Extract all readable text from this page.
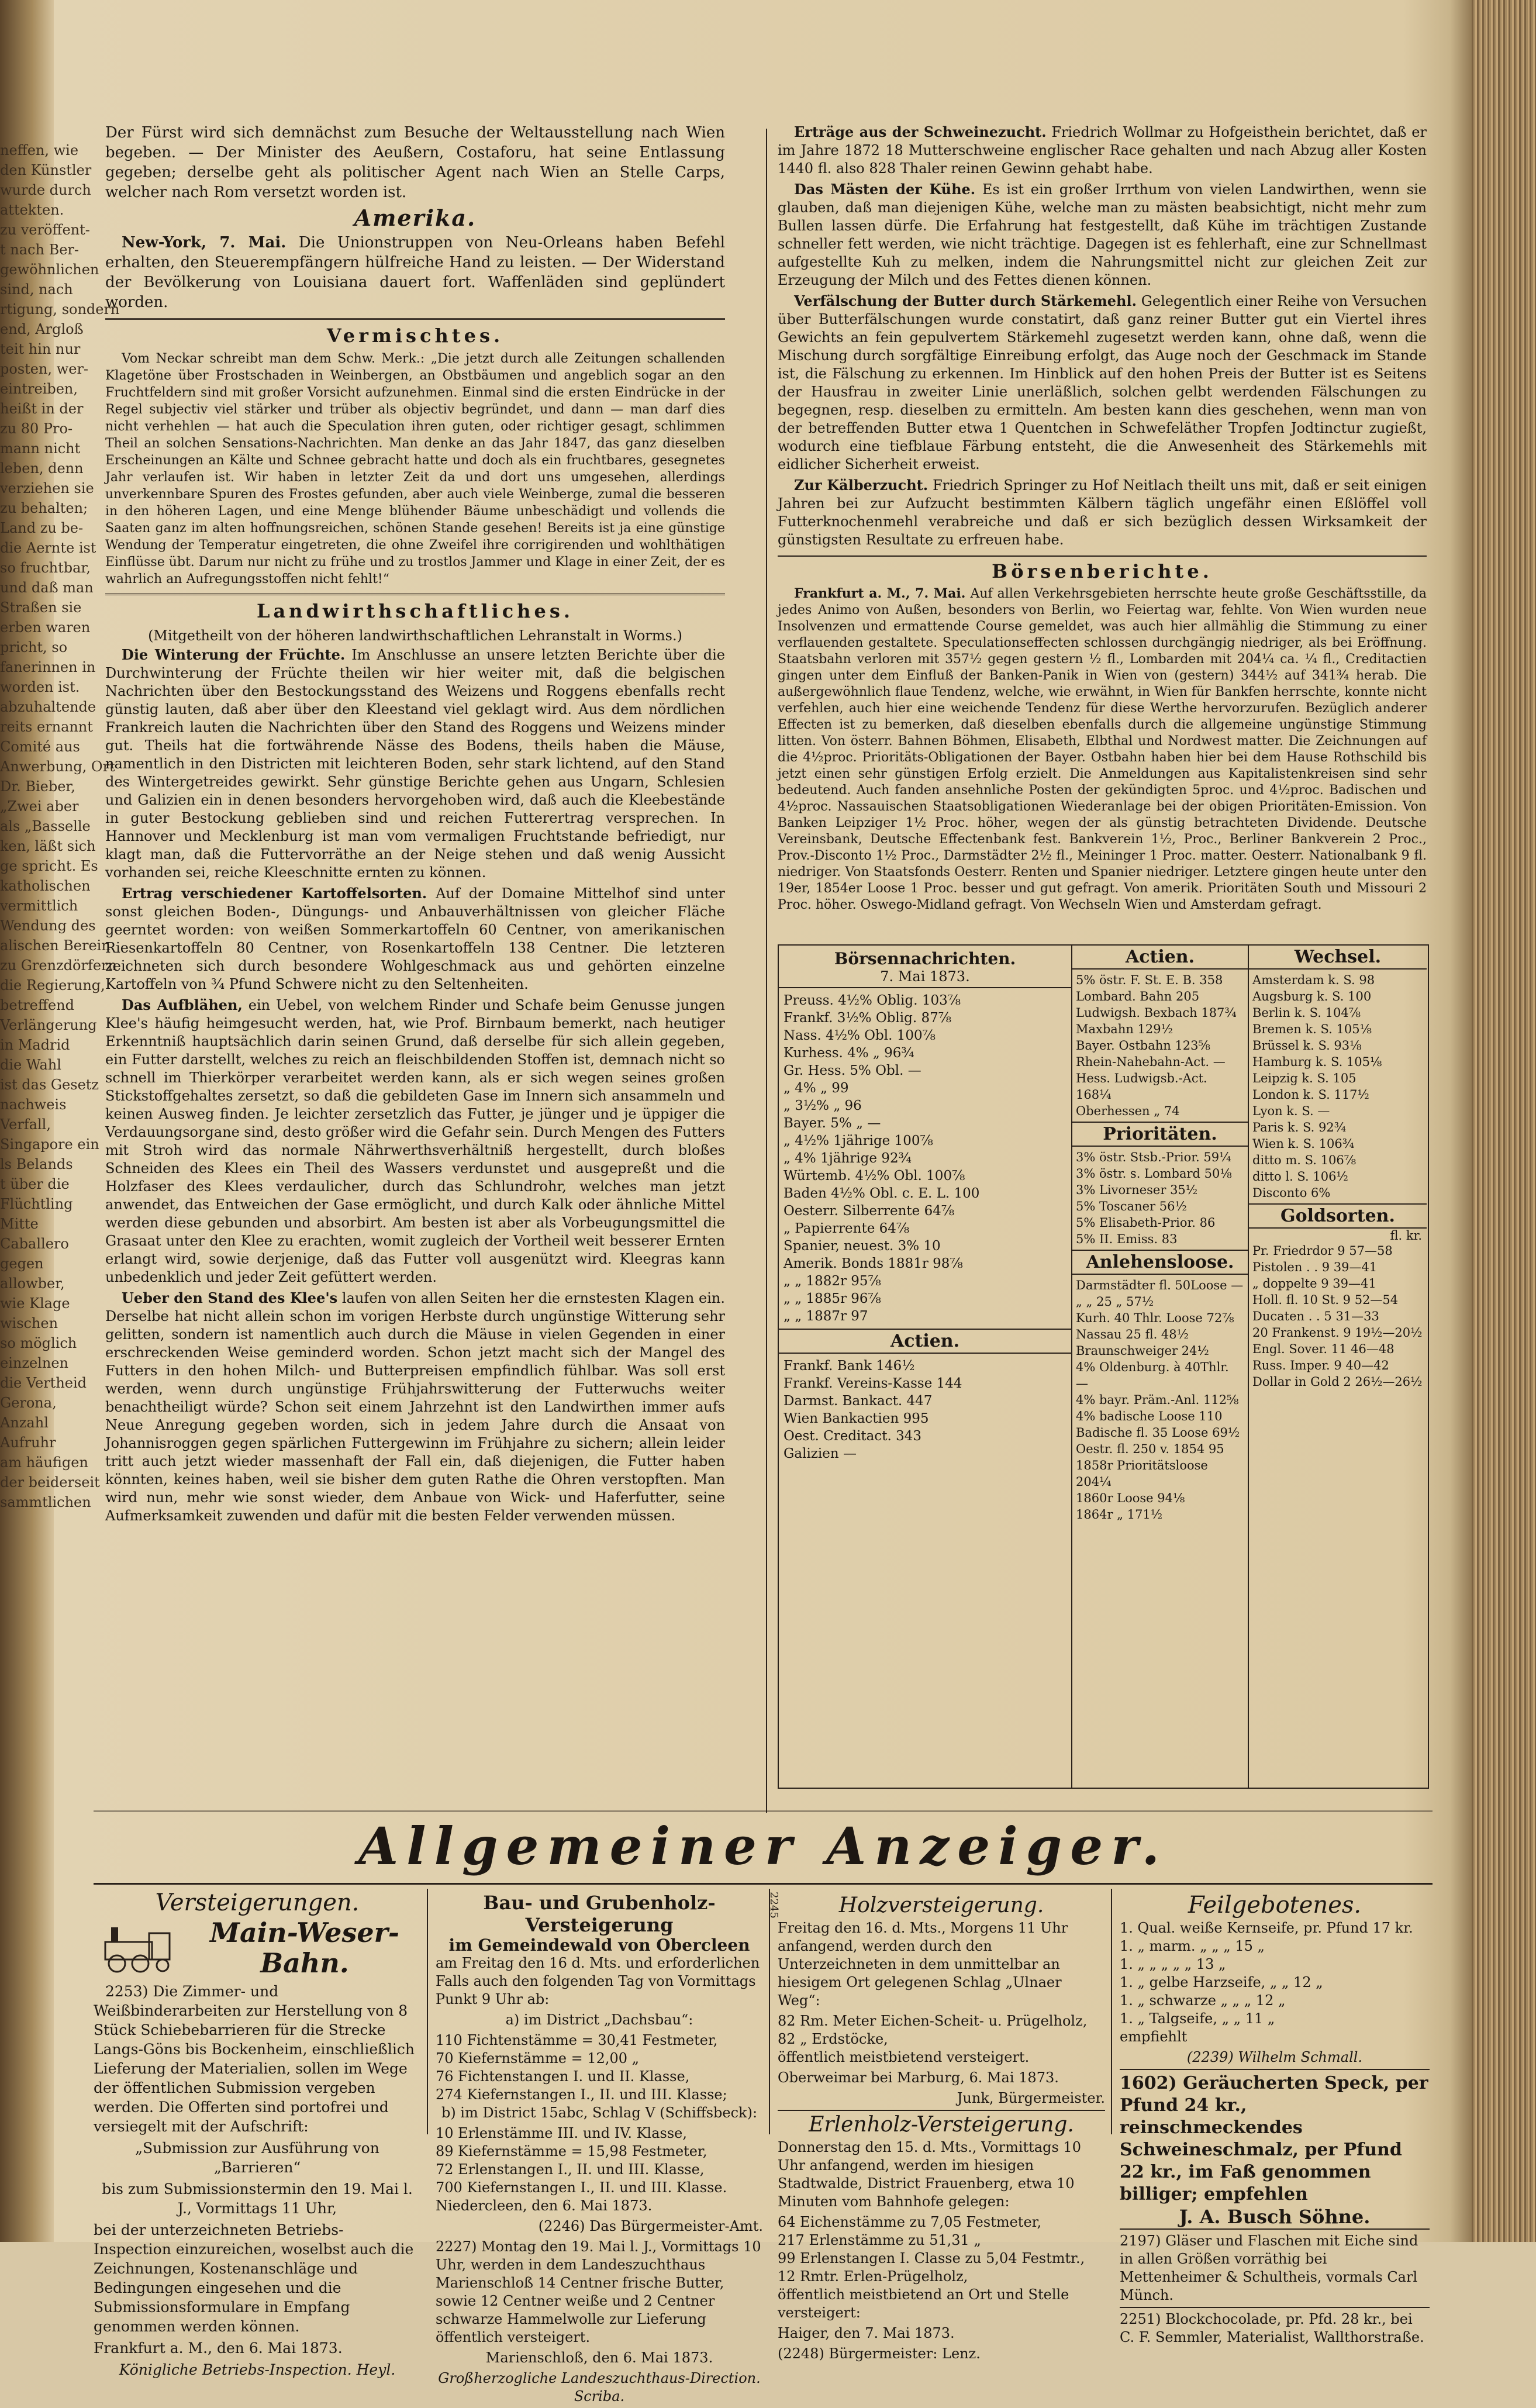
neffen, wie
den Künstler
wurde durch
attekten.
zu veröffent-
t nach Ber-
gewöhnlichen
sind, nach
rtigung, sondern
end, Argloß
teit hin nur
posten, wer-
eintreiben,
heißt in der
zu 80 Pro-
mann nicht
leben, denn
verziehen sie
zu behalten;
Land zu be-
die Aernte ist
so fruchtbar,
und daß man
Straßen sie
erben waren
pricht, so
fanerinnen in
worden ist.
abzuhaltende
reits ernannt
Comité aus
Anwerbung, Ort
Dr. Bieber,
„Zwei aber
als „Basselle
ken, läßt sich
ge spricht. Es
katholischen
vermittlich
Wendung des
alischen Berein
zu Grenzdörfern
die Regierung,
betreffend
Verlängerung
in Madrid
die Wahl
ist das Gesetz
nachweis
Verfall,
Singapore ein
ls Belands
t über die
Flüchtling
Mitte
Caballero
gegen
allowber,
wie Klage
wischen
so möglich
einzelnen
die Vertheid
Gerona,
Anzahl
Aufruhr
am häufigen
der beiderseit
sammtlichen

Der Fürst wird sich demnächst zum Besuche der Weltausstellung nach Wien begeben. — Der Minister des Aeußern, Costaforu, hat seine Entlassung gegeben; derselbe geht als politischer Agent nach Wien an Stelle Carps, welcher nach Rom versetzt worden ist.

Amerika.

New-York, 7. Mai. Die Unionstruppen von Neu-Orleans haben Befehl erhalten, den Steuerempfängern hülfreiche Hand zu leisten. — Der Widerstand der Bevölkerung von Louisiana dauert fort. Waffenläden sind geplündert worden.

Vermischtes.

Vom Neckar schreibt man dem Schw. Merk.: „Die jetzt durch alle Zeitungen schallenden Klagetöne über Frostschaden in Weinbergen, an Obstbäumen und angeblich sogar an den Fruchtfeldern sind mit großer Vorsicht aufzunehmen. Einmal sind die ersten Eindrücke in der Regel subjectiv viel stärker und trüber als objectiv begründet, und dann — man darf dies nicht verhehlen — hat auch die Speculation ihren guten, oder richtiger gesagt, schlimmen Theil an solchen Sensations-Nachrichten. Man denke an das Jahr 1847, das ganz dieselben Erscheinungen an Kälte und Schnee gebracht hatte und doch als ein fruchtbares, gesegnetes Jahr verlaufen ist. Wir haben in letzter Zeit da und dort uns umgesehen, allerdings unverkennbare Spuren des Frostes gefunden, aber auch viele Weinberge, zumal die besseren in den höheren Lagen, und eine Menge blühender Bäume unbeschädigt und vollends die Saaten ganz im alten hoffnungsreichen, schönen Stande gesehen! Bereits ist ja eine günstige Wendung der Temperatur eingetreten, die ohne Zweifel ihre corrigirenden und wohlthätigen Einflüsse übt. Darum nur nicht zu frühe und zu trostlos Jammer und Klage in einer Zeit, der es wahrlich an Aufregungsstoffen nicht fehlt!“

Landwirthschaftliches.
(Mitgetheilt von der höheren landwirthschaftlichen Lehranstalt in Worms.)

Die Winterung der Früchte. Im Anschlusse an unsere letzten Berichte über die Durchwinterung der Früchte theilen wir hier weiter mit, daß die belgischen Nachrichten über den Bestockungsstand des Weizens und Roggens ebenfalls recht günstig lauten, daß aber über den Kleestand viel geklagt wird. Aus dem nördlichen Frankreich lauten die Nachrichten über den Stand des Roggens und Weizens minder gut. Theils hat die fortwährende Nässe des Bodens, theils haben die Mäuse, namentlich in den Districten mit leichteren Boden, sehr stark lichtend, auf den Stand des Wintergetreides gewirkt. Sehr günstige Berichte gehen aus Ungarn, Schlesien und Galizien ein in denen besonders hervorgehoben wird, daß auch die Kleebestände in guter Bestockung geblieben sind und reichen Futterertrag versprechen. In Hannover und Mecklenburg ist man vom vermaligen Fruchtstande befriedigt, nur klagt man, daß die Futtervorräthe an der Neige stehen und daß wenig Aussicht vorhanden sei, reiche Kleeschnitte ernten zu können.

Ertrag verschiedener Kartoffelsorten. Auf der Domaine Mittelhof sind unter sonst gleichen Boden-, Düngungs- und Anbauverhältnissen von gleicher Fläche geerntet worden: von weißen Sommerkartoffeln 60 Centner, von amerikanischen Riesenkartoffeln 80 Centner, von Rosenkartoffeln 138 Centner. Die letzteren zeichneten sich durch besondere Wohlgeschmack aus und gehörten einzelne Kartoffeln von ¾ Pfund Schwere nicht zu den Seltenheiten.

Das Aufblähen, ein Uebel, von welchem Rinder und Schafe beim Genusse jungen Klee's häufig heimgesucht werden, hat, wie Prof. Birnbaum bemerkt, nach heutiger Erkenntniß hauptsächlich darin seinen Grund, daß derselbe für sich allein gegeben, ein Futter darstellt, welches zu reich an fleischbildenden Stoffen ist, demnach nicht so schnell im Thierkörper verarbeitet werden kann, als er sich wegen seines großen Stickstoffgehaltes zersetzt, so daß die gebildeten Gase im Innern sich ansammeln und keinen Ausweg finden. Je leichter zersetzlich das Futter, je jünger und je üppiger die Verdauungsorgane sind, desto größer wird die Gefahr sein. Durch Mengen des Futters mit Stroh wird das normale Nährwerthsverhältniß hergestellt, durch bloßes Schneiden des Klees ein Theil des Wassers verdunstet und ausgepreßt und die Holzfaser des Klees verdaulicher, durch das Schlundrohr, welches man jetzt anwendet, das Entweichen der Gase ermöglicht, und durch Kalk oder ähnliche Mittel werden diese gebunden und absorbirt. Am besten ist aber als Vorbeugungsmittel die Grasaat unter den Klee zu erachten, womit zugleich der Vortheil weit besserer Ernten erlangt wird, sowie derjenige, daß das Futter voll ausgenützt wird. Kleegras kann unbedenklich und jeder Zeit gefüttert werden.

Ueber den Stand des Klee's laufen von allen Seiten her die ernstesten Klagen ein. Derselbe hat nicht allein schon im vorigen Herbste durch ungünstige Witterung sehr gelitten, sondern ist namentlich auch durch die Mäuse in vielen Gegenden in einer erschreckenden Weise geminderd worden. Schon jetzt macht sich der Mangel des Futters in den hohen Milch- und Butterpreisen empfindlich fühlbar. Was soll erst werden, wenn durch ungünstige Frühjahrswitterung der Futterwuchs weiter benachtheiligt würde? Schon seit einem Jahrzehnt ist den Landwirthen immer aufs Neue Anregung gegeben worden, sich in jedem Jahre durch die Ansaat von Johannisroggen gegen spärlichen Futtergewinn im Frühjahre zu sichern; allein leider tritt auch jetzt wieder massenhaft der Fall ein, daß diejenigen, die Futter haben könnten, keines haben, weil sie bisher dem guten Rathe die Ohren verstopften. Man wird nun, mehr wie sonst wieder, dem Anbaue von Wick- und Haferfutter, seine Aufmerksamkeit zuwenden und dafür mit die besten Felder verwenden müssen.

Erträge aus der Schweinezucht. Friedrich Wollmar zu Hofgeisthein berichtet, daß er im Jahre 1872 18 Mutterschweine englischer Race gehalten und nach Abzug aller Kosten 1440 fl. also 828 Thaler reinen Gewinn gehabt habe.

Das Mästen der Kühe. Es ist ein großer Irrthum von vielen Landwirthen, wenn sie glauben, daß man diejenigen Kühe, welche man zu mästen beabsichtigt, nicht mehr zum Bullen lassen dürfe. Die Erfahrung hat festgestellt, daß Kühe im trächtigen Zustande schneller fett werden, wie nicht trächtige. Dagegen ist es fehlerhaft, eine zur Schnellmast aufgestellte Kuh zu melken, indem die Nahrungsmittel nicht zur gleichen Zeit zur Erzeugung der Milch und des Fettes dienen können.

Verfälschung der Butter durch Stärkemehl. Gelegentlich einer Reihe von Versuchen über Butterfälschungen wurde constatirt, daß ganz reiner Butter gut ein Viertel ihres Gewichts an fein gepulvertem Stärkemehl zugesetzt werden kann, ohne daß, wenn die Mischung durch sorgfältige Einreibung erfolgt, das Auge noch der Geschmack im Stande ist, die Fälschung zu erkennen. Im Hinblick auf den hohen Preis der Butter ist es Seitens der Hausfrau in zweiter Linie unerläßlich, solchen gelbt werdenden Fälschungen zu begegnen, resp. dieselben zu ermitteln. Am besten kann dies geschehen, wenn man von der betreffenden Butter etwa 1 Quentchen in Schwefeläther Tropfen Jodtinctur zugießt, wodurch eine tiefblaue Färbung entsteht, die die Anwesenheit des Stärkemehls mit eidlicher Sicherheit erweist.

Zur Kälberzucht. Friedrich Springer zu Hof Neitlach theilt uns mit, daß er seit einigen Jahren bei zur Aufzucht bestimmten Kälbern täglich ungefähr einen Eßlöffel voll Futterknochenmehl verabreiche und daß er sich bezüglich dessen Wirksamkeit der günstigsten Resultate zu erfreuen habe.

Börsenberichte.

Frankfurt a. M., 7. Mai. Auf allen Verkehrsgebieten herrschte heute große Geschäftsstille, da jedes Animo von Außen, besonders von Berlin, wo Feiertag war, fehlte. Von Wien wurden neue Insolvenzen und ermattende Course gemeldet, was auch hier allmählig die Stimmung zu einer verflauenden gestaltete. Speculationseffecten schlossen durchgängig niedriger, als bei Eröffnung. Staatsbahn verloren mit 357½ gegen gestern ½ fl., Lombarden mit 204¼ ca. ¼ fl., Creditactien gingen unter dem Einfluß der Banken-Panik in Wien von (gestern) 344½ auf 341¾ herab. Die außergewöhnlich flaue Tendenz, welche, wie erwähnt, in Wien für Bankfen herrschte, konnte nicht verfehlen, auch hier eine weichende Tendenz für diese Werthe hervorzurufen. Bezüglich anderer Effecten ist zu bemerken, daß dieselben ebenfalls durch die allgemeine ungünstige Stimmung litten. Von österr. Bahnen Böhmen, Elisabeth, Elbthal und Nordwest matter. Die Zeichnungen auf die 4½proc. Prioritäts-Obligationen der Bayer. Ostbahn haben hier bei dem Hause Rothschild bis jetzt einen sehr günstigen Erfolg erzielt. Die Anmeldungen aus Kapitalistenkreisen sind sehr bedeutend. Auch fanden ansehnliche Posten der gekündigten 5proc. und 4½proc. Badischen und 4½proc. Nassauischen Staatsobligationen Wiederanlage bei der obigen Prioritäten-Emission. Von Banken Leipziger 1½ Proc. höher, wegen der als günstig betrachteten Dividende. Deutsche Vereinsbank, Deutsche Effectenbank fest. Bankverein 1½, Proc., Berliner Bankverein 2 Proc., Prov.-Disconto 1½ Proc., Darmstädter 2½ fl., Meininger 1 Proc. matter. Oesterr. Nationalbank 9 fl. niedriger. Von Staatsfonds Oesterr. Renten und Spanier niedriger. Letztere gingen heute unter den 19er, 1854er Loose 1 Proc. besser und gut gefragt. Von amerik. Prioritäten South und Missouri 2 Proc. höher. Oswego-Midland gefragt. Von Wechseln Wien und Amsterdam gefragt.

Börsennachrichten.
7. Mai 1873.
Preuss. 4½% Oblig. 103⅞
Frankf. 3½% Oblig. 87⅞
Nass. 4½% Obl. 100⅞
Kurhess. 4% „ 96¾
Gr. Hess. 5% Obl. —
„ 4% „ 99
„ 3½% „ 96
Bayer. 5% „ —
„ 4½% 1jährige 100⅞
„ 4% 1jährige 92¾
Würtemb. 4½% Obl. 100⅞
Baden 4½% Obl. c. E. L. 100
Oesterr. Silberrente 64⅞
„ Papierrente 64⅞
Spanier, neuest. 3% 10
Amerik. Bonds 1881r 98⅞
„ „ 1882r 95⅞
„ „ 1885r 96⅞
„ „ 1887r 97
Actien.
Frankf. Bank 146½
Frankf. Vereins-Kasse 144
Darmst. Bankact. 447
Wien Bankactien 995
Oest. Creditact. 343
Galizien —
Actien.
5% östr. F. St. E. B. 358
Lombard. Bahn 205
Ludwigsh. Bexbach 187¾
Maxbahn 129½
Bayer. Ostbahn 123⅝
Rhein-Nahebahn-Act. —
Hess. Ludwigsb.-Act. 168¼
Oberhessen „ 74
Prioritäten.
3% östr. Stsb.-Prior. 59¼
3% östr. s. Lombard 50⅛
3% Livorneser 35½
5% Toscaner 56½
5% Elisabeth-Prior. 86
5% II. Emiss. 83
Anlehensloose.
Darmstädter fl. 50Loose —
„ „ 25 „ 57½
Kurh. 40 Thlr. Loose 72⅞
Nassau 25 fl. 48½
Braunschweiger 24½
4% Oldenburg. à 40Thlr. —
4% bayr. Präm.-Anl. 112⅝
4% badische Loose 110
Badische fl. 35 Loose 69½
Oestr. fl. 250 v. 1854 95
1858r Prioritätsloose 204¼
1860r Loose 94⅛
1864r „ 171½
Wechsel.
Amsterdam k. S. 98
Augsburg k. S. 100
Berlin k. S. 104⅞
Bremen k. S. 105⅛
Brüssel k. S. 93⅛
Hamburg k. S. 105⅛
Leipzig k. S. 105
London k. S. 117½
Lyon k. S. —
Paris k. S. 92¾
Wien k. S. 106¾
ditto m. S. 106⅞
ditto l. S. 106½
Disconto 6%
Goldsorten.
fl. kr.
Pr. Friedrdor 9 57—58
Pistolen . . 9 39—41
„ doppelte 9 39—41
Holl. fl. 10 St. 9 52—54
Ducaten . . 5 31—33
20 Frankenst. 9 19½—20½
Engl. Sover. 11 46—48
Russ. Imper. 9 40—42
Dollar in Gold 2 26½—26½
Allgemeiner Anzeiger.
Versteigerungen.
Main-Weser-Bahn.

2253) Die Zimmer- und Weißbinderarbeiten zur Herstellung von 8 Stück Schiebebarrieren für die Strecke Langs-Göns bis Bockenheim, einschließlich Lieferung der Materialien, sollen im Wege der öffentlichen Submission vergeben werden. Die Offerten sind portofrei und versiegelt mit der Aufschrift:

„Submission zur Ausführung von „Barrieren“

bis zum Submissionstermin den 19. Mai l. J., Vormittags 11 Uhr,

bei der unterzeichneten Betriebs-Inspection einzureichen, woselbst auch die Zeichnungen, Kostenanschläge und Bedingungen eingesehen und die Submissionsformulare in Empfang genommen werden können.

Frankfurt a. M., den 6. Mai 1873.

Königliche Betriebs-Inspection. Heyl.

Bau- und Grubenholz-Versteigerung
im Gemeindewald von Obercleen

am Freitag den 16 d. Mts. und erforderlichen Falls auch den folgenden Tag von Vormittags Punkt 9 Uhr ab:

a) im District „Dachsbau“:

110 Fichtenstämme = 30,41 Festmeter,
70 Kiefernstämme = 12,00 „
76 Fichtenstangen I. und II. Klasse,
274 Kiefernstangen I., II. und III. Klasse;

b) im District 15abc, Schlag V (Schiffsbeck):

10 Erlenstämme III. und IV. Klasse,
89 Kiefernstämme = 15,98 Festmeter,
72 Erlenstangen I., II. und III. Klasse,
700 Kiefernstangen I., II. und III. Klasse.

Niedercleen, den 6. Mai 1873.

(2246) Das Bürgermeister-Amt.

2227) Montag den 19. Mai l. J., Vormittags 10 Uhr, werden in dem Landeszuchthaus Marienschloß 14 Centner frische Butter, sowie 12 Centner weiße und 2 Centner schwarze Hammelwolle zur Lieferung öffentlich versteigert.

Marienschloß, den 6. Mai 1873.

Großherzogliche Landeszuchthaus-Direction. Scriba.

2245	Holzversteigerung.

Freitag den 16. d. Mts., Morgens 11 Uhr anfangend, werden durch den Unterzeichneten in dem unmittelbar an hiesigem Ort gelegenen Schlag „Ulnaer Weg“:

82 Rm. Meter Eichen-Scheit- u. Prügelholz,
82 „ Erdstöcke,

öffentlich meistbietend versteigert.

Oberweimar bei Marburg, 6. Mai 1873.

Junk, Bürgermeister.

Erlenholz-Versteigerung.

Donnerstag den 15. d. Mts., Vormittags 10 Uhr anfangend, werden im hiesigen Stadtwalde, District Frauenberg, etwa 10 Minuten vom Bahnhofe gelegen:

64 Eichenstämme zu 7,05 Festmeter,
217 Erlenstämme zu 51,31 „
99 Erlenstangen I. Classe zu 5,04 Festmtr.,
12 Rmtr. Erlen-Prügelholz,

öffentlich meistbietend an Ort und Stelle versteigert:

Haiger, den 7. Mai 1873.

(2248) Bürgermeister: Lenz.

Feilgebotenes.
1. Qual. weiße Kernseife, pr. Pfund 17 kr.
1. „ marm. „ „ „ 15 „
1. „ „ „ „ „ 13 „
1. „ gelbe Harzseife, „ „ 12 „
1. „ schwarze „ „ „ 12 „
1. „ Talgseife, „ „ 11 „

empfiehlt

(2239) Wilhelm Schmall.

1602) Geräucherten Speck, per Pfund 24 kr., reinschmeckendes Schweineschmalz, per Pfund 22 kr., im Faß genommen billiger; empfehlen

J. A. Busch Söhne.

2197) Gläser und Flaschen mit Eiche sind in allen Größen vorräthig bei Mettenheimer & Schultheis, vormals Carl Münch.

2251) Blockchocolade, pr. Pfd. 28 kr., bei C. F. Semmler, Materialist, Wallthorstraße.
